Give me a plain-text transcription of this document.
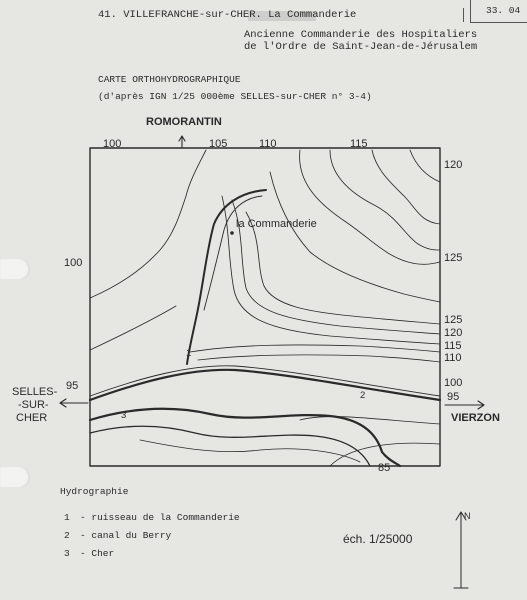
33. 04
41. VILLEFRANCHE-sur-CHER. La Commanderie
Ancienne Commanderie des Hospitaliers
de l'Ordre de Saint-Jean-de-Jérusalem
CARTE ORTHOHYDROGRAPHIQUE
(d'après IGN 1/25 000ème SELLES-sur-CHER n° 3-4)
ROMORANTIN
100	105	110	115
100
120
125
125
120
115
110
100
95
85
la Commanderie
95
SELLES-
-SUR-
CHER	VIERZON
1
2
3
Hydrographie
1 - ruisseau de la Commanderie
2 - canal du Berry
3 - Cher
éch. 1/25000
N
